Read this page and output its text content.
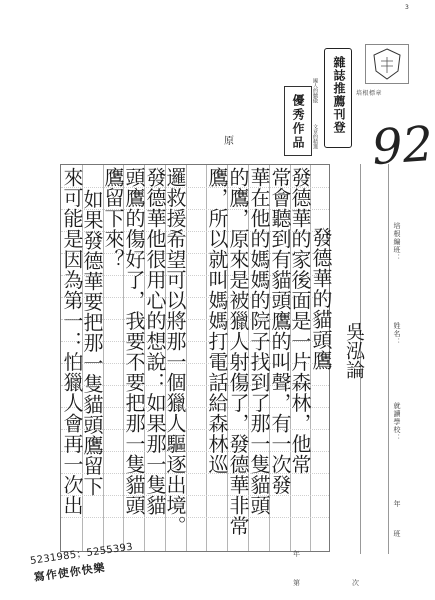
3
培根標章
雜誌推薦刊登
國人的驕傲
文章的精選
優秀作品
原	92
發德華的貓頭鷹
發德華的家後面是一片森林，他常
常會聽到有貓頭鷹的叫聲，有一次發
華在他的媽媽的院子找到了那一隻貓頭
的鷹，原來是被獵人射傷了，發德華非常
鷹，所以就叫媽媽打電話給森林巡
邏救援希望可以將那一個獵人驅逐出境。
發德華他很用心的想說：如果那一隻貓
頭鷹的傷好了，我要不要把那一隻貓頭
鷹留下來？
如果發德華要把那一隻貓頭鷹留下
來可能是因為第一：怕獵人會再一次出	培根編班：
姓名：
吳泓論
就讀學校：
年
班
年
第	次
5231985；5255393
寫作使你快樂
